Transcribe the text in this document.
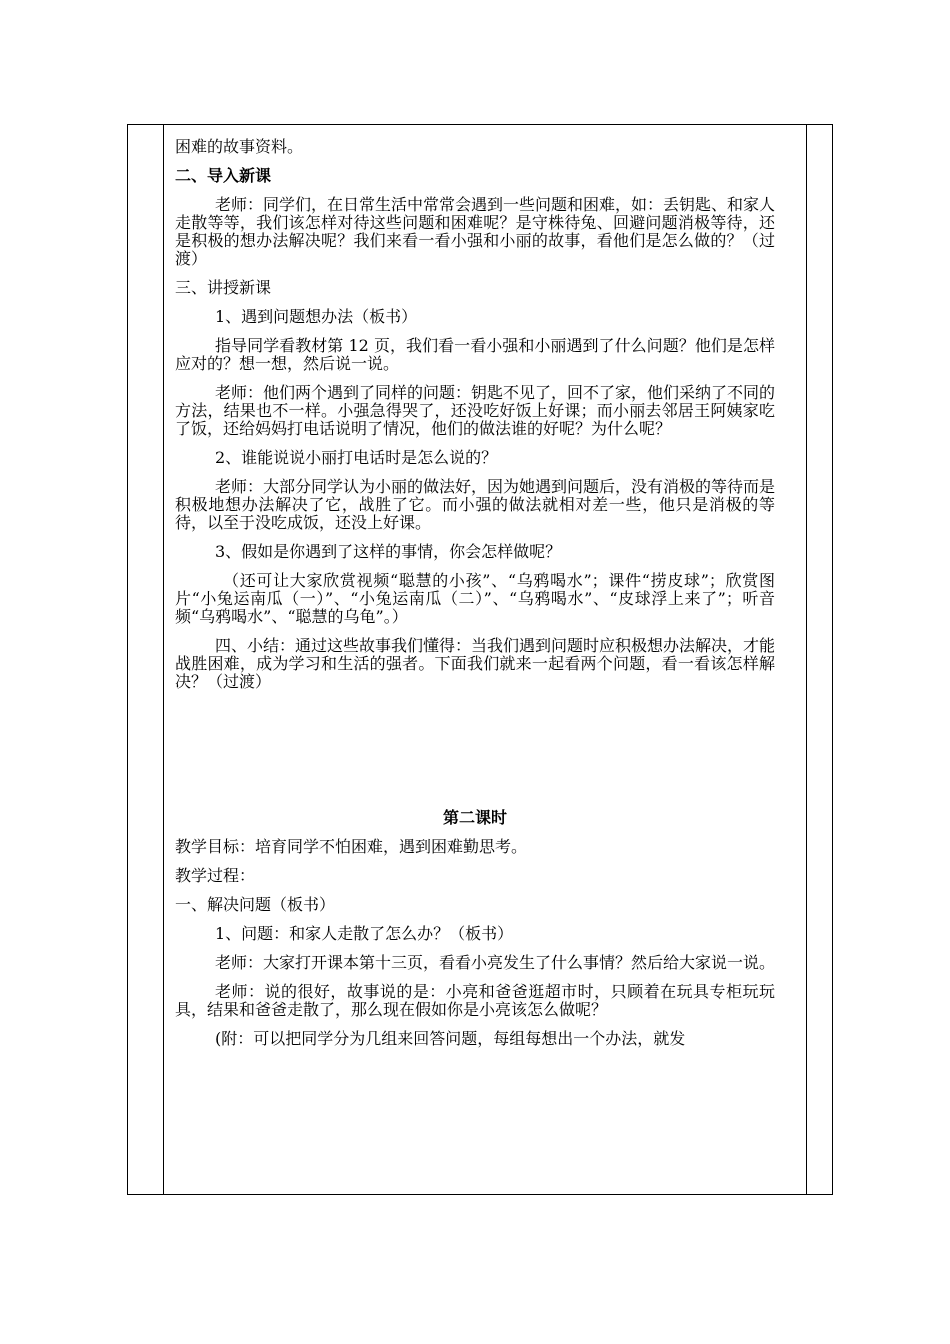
困难的故事资料。

二、导入新课

老师：同学们，在日常生活中常常会遇到一些问题和困难，如：丢钥匙、和家人走散等等，我们该怎样对待这些问题和困难呢？是守株待兔、回避问题消极等待，还是积极的想办法解决呢？我们来看一看小强和小丽的故事，看他们是怎么做的？（过渡）

三、讲授新课

1、遇到问题想办法（板书）

指导同学看教材第 12 页，我们看一看小强和小丽遇到了什么问题？他们是怎样应对的？想一想，然后说一说。

老师：他们两个遇到了同样的问题：钥匙不见了，回不了家，他们采纳了不同的方法，结果也不一样。小强急得哭了，还没吃好饭上好课；而小丽去邻居王阿姨家吃了饭，还给妈妈打电话说明了情况，他们的做法谁的好呢？为什么呢？

2、谁能说说小丽打电话时是怎么说的？

老师：大部分同学认为小丽的做法好，因为她遇到问题后，没有消极的等待而是积极地想办法解决了它，战胜了它。而小强的做法就相对差一些，他只是消极的等待，以至于没吃成饭，还没上好课。

3、假如是你遇到了这样的事情，你会怎样做呢？

（还可让大家欣赏视频“聪慧的小孩”、“乌鸦喝水”；课件“捞皮球”；欣赏图片“小兔运南瓜（一）”、“小兔运南瓜（二）”、“乌鸦喝水”、“皮球浮上来了”；听音频“乌鸦喝水”、“聪慧的乌龟”。）

四、小结：通过这些故事我们懂得：当我们遇到问题时应积极想办法解决，才能战胜困难，成为学习和生活的强者。下面我们就来一起看两个问题，看一看该怎样解决？（过渡）

第二课时

教学目标：培育同学不怕困难，遇到困难勤思考。

教学过程：

一、解决问题（板书）

1、问题：和家人走散了怎么办？（板书）

老师：大家打开课本第十三页，看看小亮发生了什么事情？然后给大家说一说。

老师：说的很好，故事说的是：小亮和爸爸逛超市时，只顾着在玩具专柜玩玩具，结果和爸爸走散了，那么现在假如你是小亮该怎么做呢？

(附：可以把同学分为几组来回答问题，每组每想出一个办法，就发
